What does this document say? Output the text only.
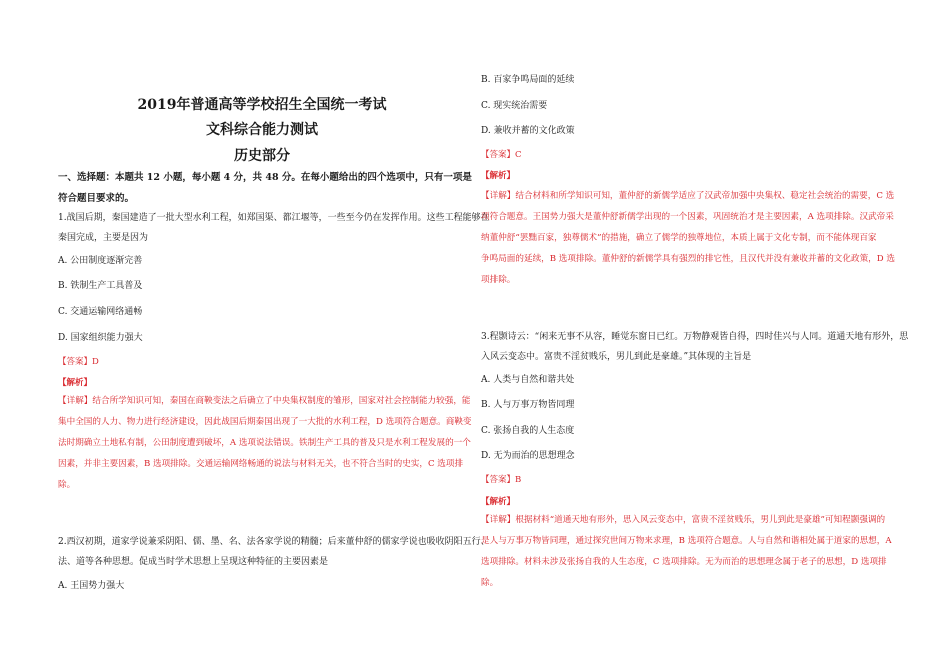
2019年普通高等学校招生全国统一考试
文科综合能力测试
历史部分
一、选择题：本题共 12 小题，每小题 4 分，共 48 分。在每小题给出的四个选项中，只有一项是
符合题目要求的。
1.战国后期，秦国建造了一批大型水利工程，如郑国渠、都江堰等，一些至今仍在发挥作用。这些工程能够在
秦国完成，主要是因为
A. 公田制度逐渐完善
B. 铁制生产工具普及
C. 交通运输网络通畅
D. 国家组织能力强大
【答案】D
【解析】
【详解】结合所学知识可知，秦国在商鞅变法之后确立了中央集权制度的雏形，国家对社会控制能力较强，能
集中全国的人力、物力进行经济建设，因此战国后期秦国出现了一大批的水利工程，D 选项符合题意。商鞅变
法时期确立土地私有制，公田制度遭到破坏，A 选项说法错误。铁制生产工具的普及只是水利工程发展的一个
因素，并非主要因素，B 选项排除。交通运输网络畅通的说法与材料无关，也不符合当时的史实，C 选项排
除。
2.西汉初期，道家学说兼采阴阳、儒、墨、名、法各家学说的精髓；后来董仲舒的儒家学说也吸收阴阳五行、
法、道等各种思想。促成当时学术思想上呈现这种特征的主要因素是
A. 王国势力强大
B. 百家争鸣局面的延续
C. 现实统治需要
D. 兼收并蓄的文化政策
【答案】C
【解析】
【详解】结合材料和所学知识可知，董仲舒的新儒学适应了汉武帝加强中央集权、稳定社会统治的需要，C 选
项符合题意。王国势力强大是董仲舒新儒学出现的一个因素，巩固统治才是主要因素，A 选项排除。汉武帝采
纳董仲舒“罢黜百家，独尊儒术”的措施，确立了儒学的独尊地位，本质上属于文化专制，而不能体现百家
争鸣局面的延续，B 选项排除。董仲舒的新儒学具有强烈的排它性，且汉代并没有兼收并蓄的文化政策，D 选
项排除。
3.程颢诗云：“闲来无事不从容，睡觉东窗日已红。万物静观皆自得，四时佳兴与人同。道通天地有形外，思
入风云变态中。富贵不淫贫贱乐，男儿到此是豪雄。”其体现的主旨是
A. 人类与自然和谐共处
B. 人与万事万物皆同理
C. 张扬自我的人生态度
D. 无为而治的思想理念
【答案】B
【解析】
【详解】根据材料“道通天地有形外，思入风云变态中，富贵不淫贫贱乐，男儿到此是豪雄”可知程颢强调的
是人与万事万物皆同理，通过探究世间万物来求理，B 选项符合题意。人与自然和谐相处属于道家的思想，A
选项排除。材料未涉及张扬自我的人生态度，C 选项排除。无为而治的思想理念属于老子的思想，D 选项排
除。
